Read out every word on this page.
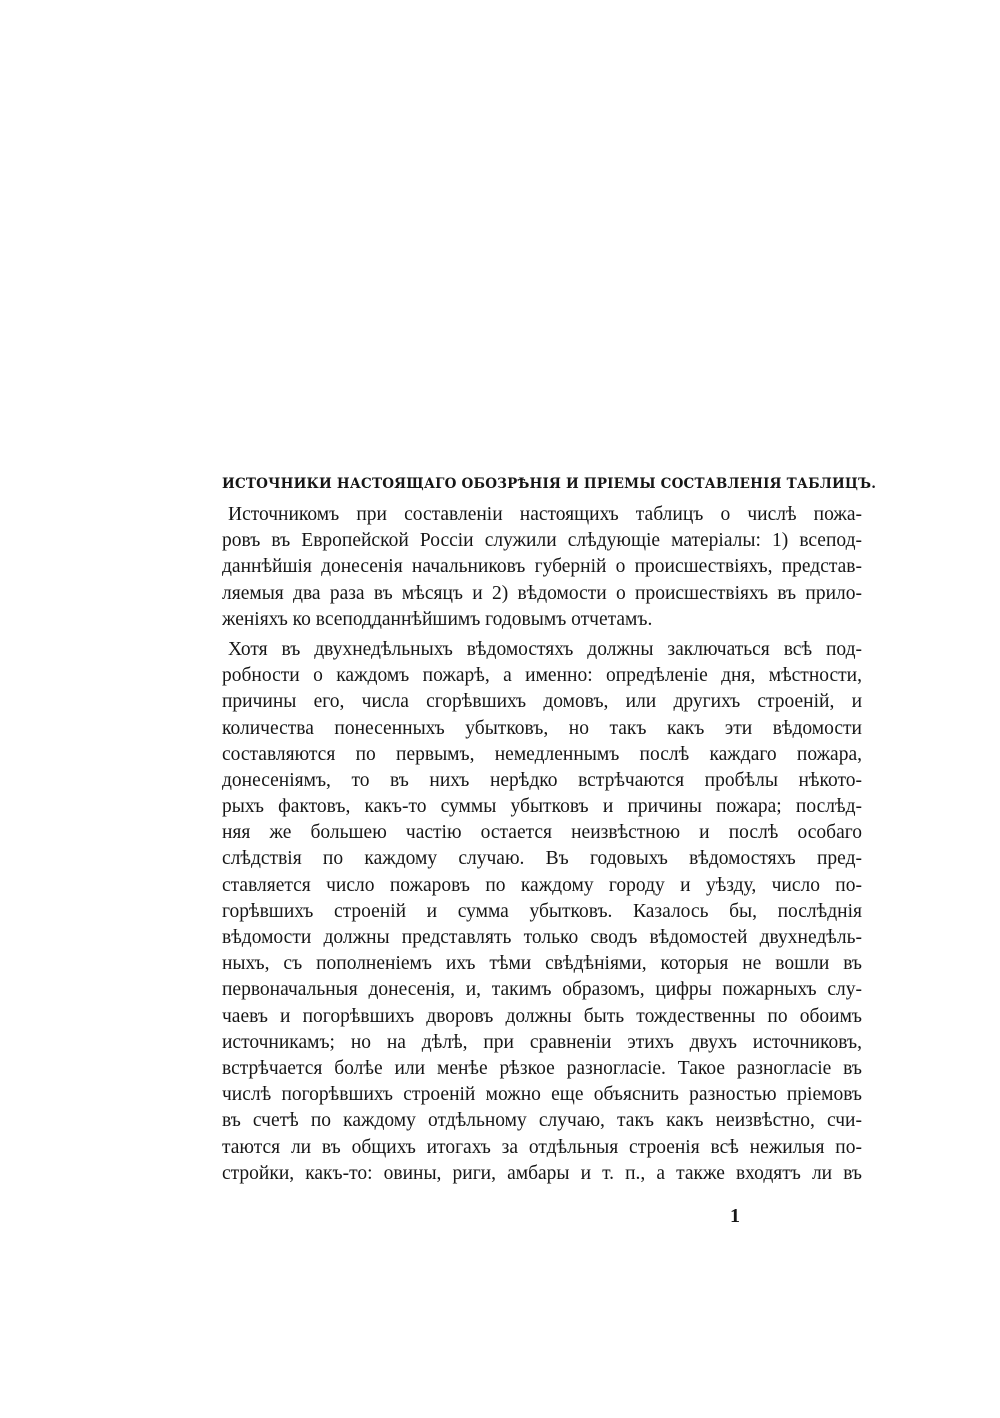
ИСТОЧНИКИ НАСТОЯЩАГО ОБОЗРѢНІЯ И ПРІЕМЫ СОСТАВЛЕНІЯ ТАБЛИЦЪ.
Источникомъ при составленіи настоящихъ таблицъ о числѣ пожа-
ровъ въ Европейской Россіи служили слѣдующіе матеріалы: 1) всепод-
даннѣйшія донесенія начальниковъ губерній о происшествіяхъ, представ-
ляемыя два раза въ мѣсяцъ и 2) вѣдомости о происшествіяхъ въ прило-
женіяхъ ко всеподданнѣйшимъ годовымъ отчетамъ.
Хотя въ двухнедѣльныхъ вѣдомостяхъ должны заключаться всѣ под-
робности о каждомъ пожарѣ, а именно: опредѣленіе дня, мѣстности,
причины его, числа сгорѣвшихъ домовъ, или другихъ строеній, и
количества понесенныхъ убытковъ, но такъ какъ эти вѣдомости
составляются по первымъ, немедленнымъ послѣ каждаго пожара,
донесеніямъ, то въ нихъ нерѣдко встрѣчаются пробѣлы нѣкото-
рыхъ фактовъ, какъ-то суммы убытковъ и причины пожара; послѣд-
няя же большею частію остается неизвѣстною и послѣ особаго
слѣдствія по каждому случаю. Въ годовыхъ вѣдомостяхъ пред-
ставляется число пожаровъ по каждому городу и уѣзду, число по-
горѣвшихъ строеній и сумма убытковъ. Казалось бы, послѣднія
вѣдомости должны представлять только сводъ вѣдомостей двухнедѣль-
ныхъ, съ пополненіемъ ихъ тѣми свѣдѣніями, которыя не вошли въ
первоначальныя донесенія, и, такимъ образомъ, цифры пожарныхъ слу-
чаевъ и погорѣвшихъ дворовъ должны быть тождественны по обоимъ
источникамъ; но на дѣлѣ, при сравненіи этихъ двухъ источниковъ,
встрѣчается болѣе или менѣе рѣзкое разногласіе. Такое разногласіе въ
числѣ погорѣвшихъ строеній можно еще объяснить разностью пріемовъ
въ счетѣ по каждому отдѣльному случаю, такъ какъ неизвѣстно, счи-
таются ли въ общихъ итогахъ за отдѣльныя строенія всѣ нежилыя по-
стройки, какъ-то: овины, риги, амбары и т. п., а также входятъ ли въ
1
